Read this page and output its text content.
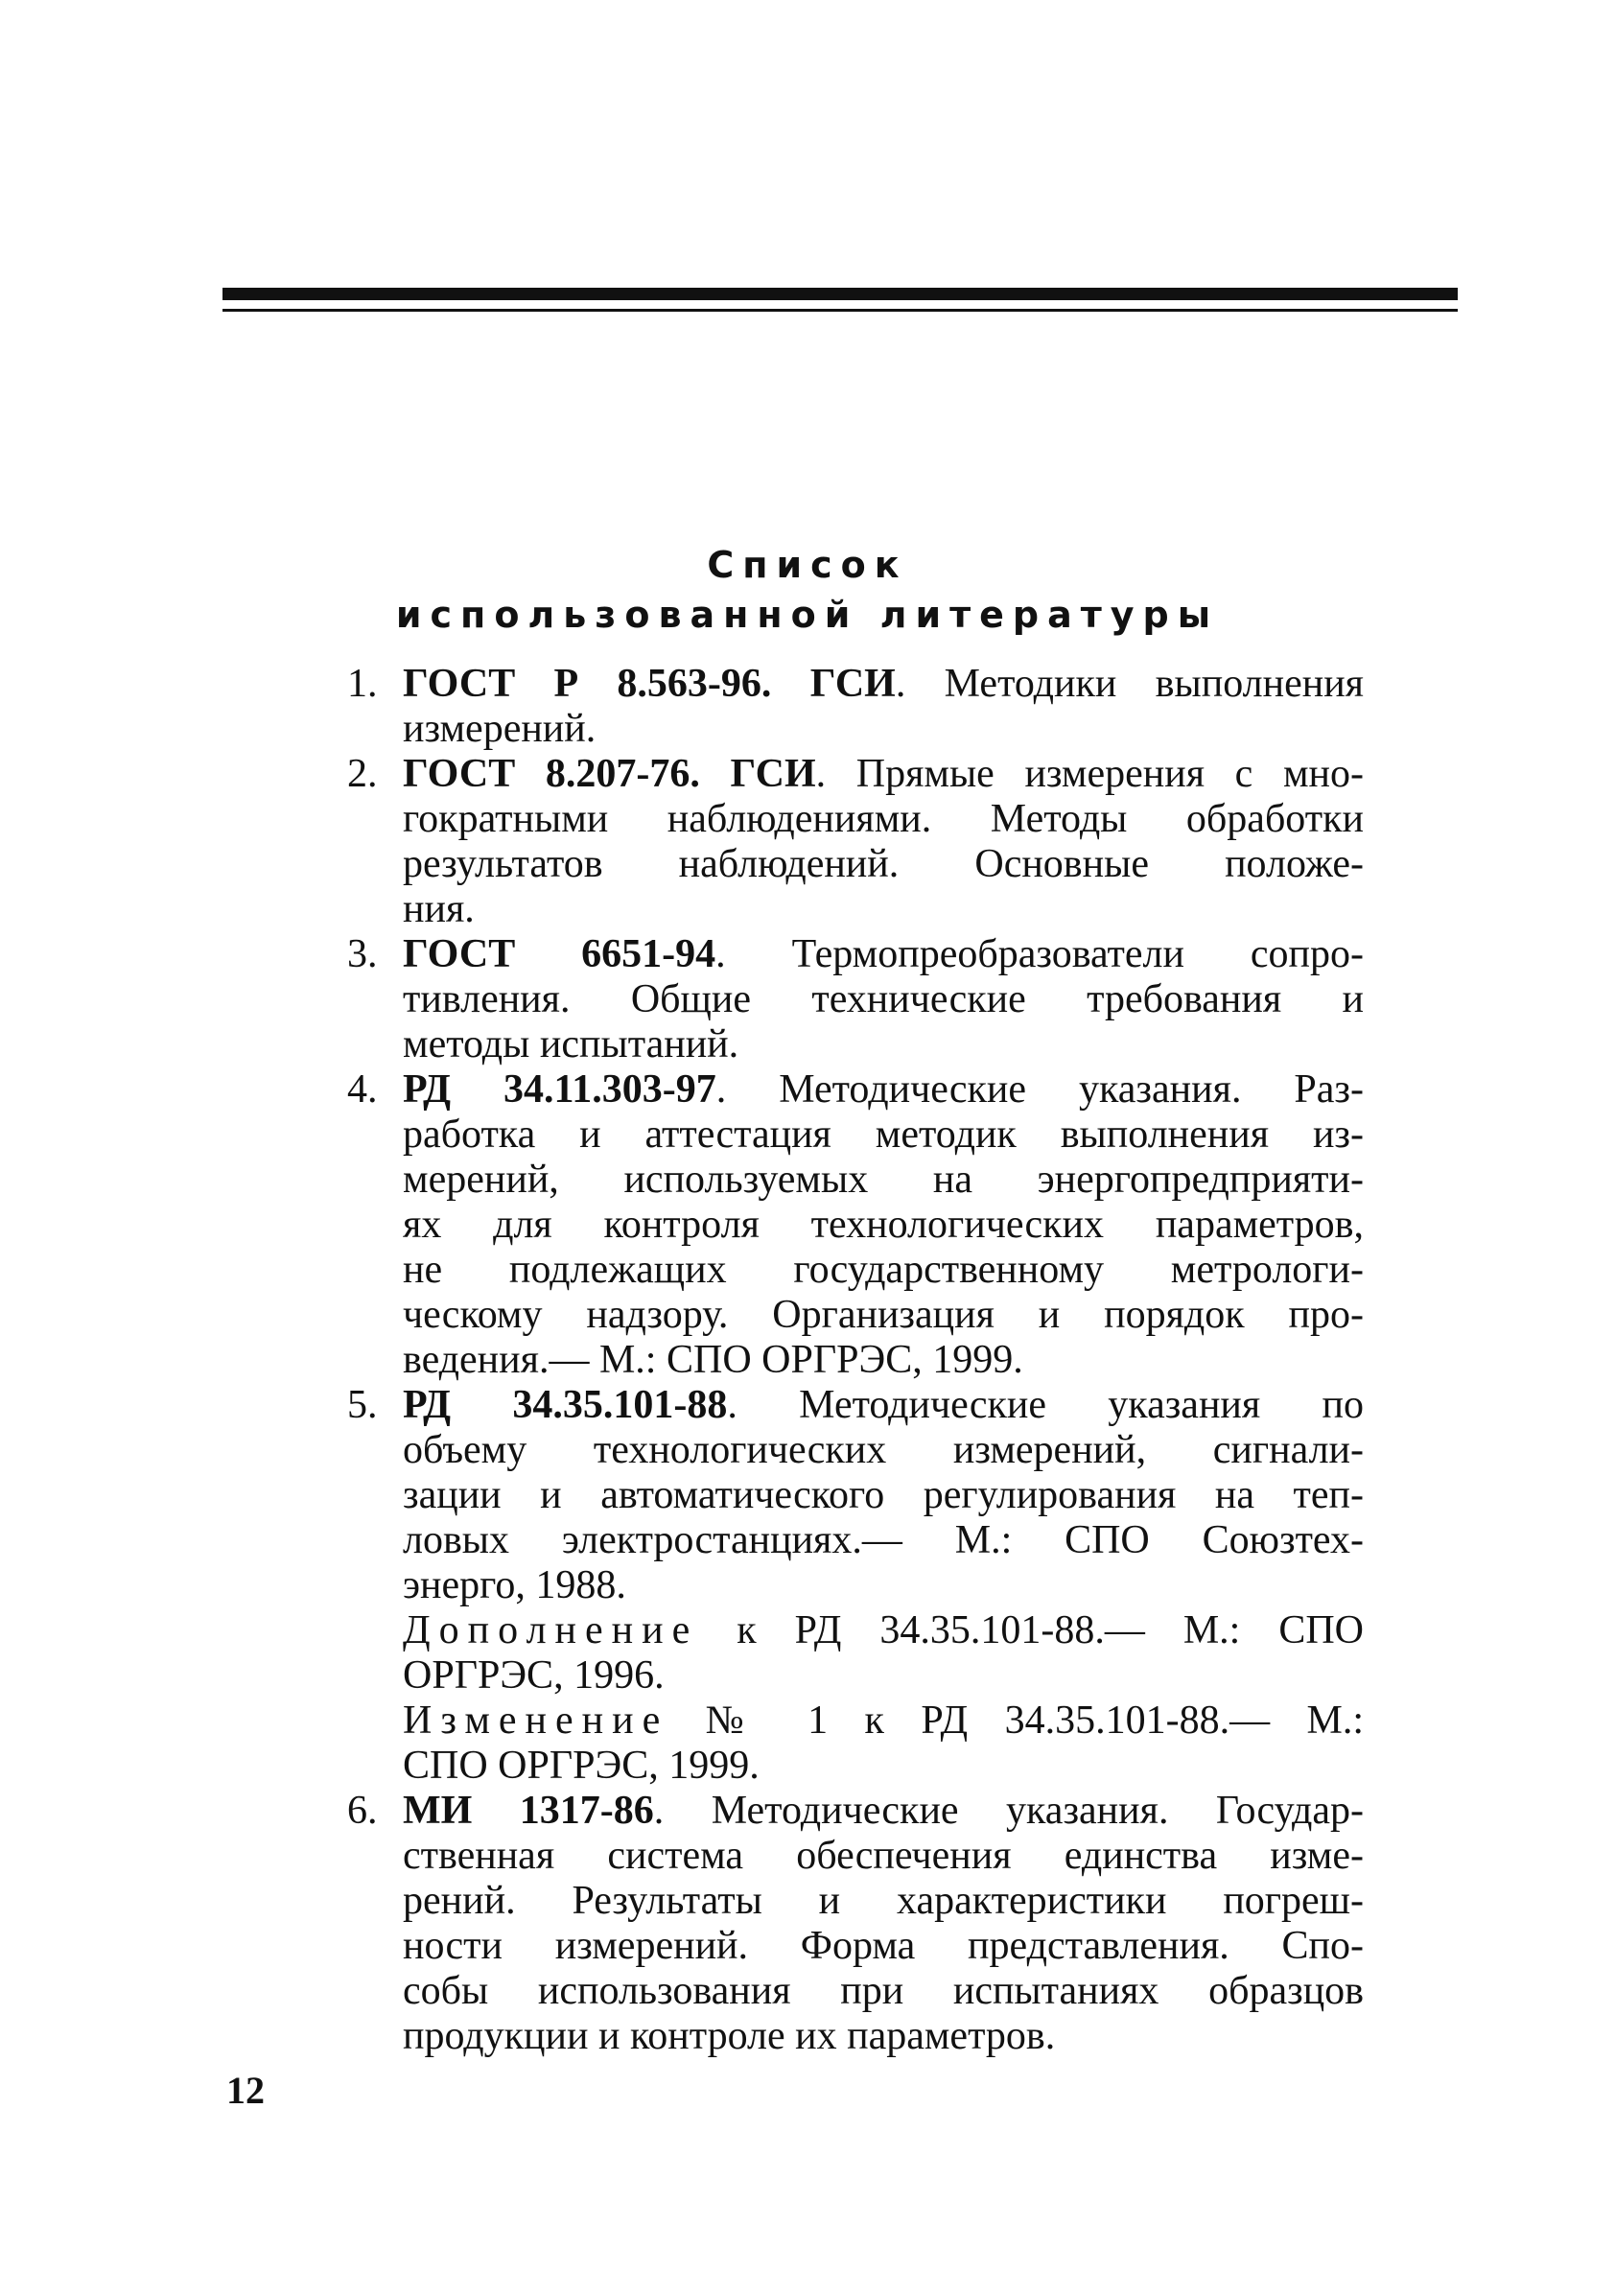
Список
использованной литературы
1. ГОСТ Р 8.563-96. ГСИ. Методики выполнения
измерений.
2. ГОСТ 8.207-76. ГСИ. Прямые измерения с мно-
гократными наблюдениями. Методы обработки
результатов наблюдений. Основные положе-
ния.
3. ГОСТ 6651-94. Термопреобразователи сопро-
тивления. Общие технические требования и
методы испытаний.
4. РД 34.11.303-97. Методические указания. Раз-
работка и аттестация методик выполнения из-
мерений, используемых на энергопредприяти-
ях для контроля технологических параметров,
не подлежащих государственному метрологи-
ческому надзору. Организация и порядок про-
ведения.— М.: СПО ОРГРЭС, 1999.
5. РД 34.35.101-88. Методические указания по
объему технологических измерений, сигнали-
зации и автоматического регулирования на теп-
ловых электростанциях.— М.: СПО Союзтех-
энерго, 1988.
Дополнение к РД 34.35.101-88.— М.: СПО
ОРГРЭС, 1996.
Изменение № 1 к РД 34.35.101-88.— М.:
СПО ОРГРЭС, 1999.
6. МИ 1317-86. Методические указания. Государ-
ственная система обеспечения единства изме-
рений. Результаты и характеристики погреш-
ности измерений. Форма представления. Спо-
собы использования при испытаниях образцов
продукции и контроле их параметров.
12
